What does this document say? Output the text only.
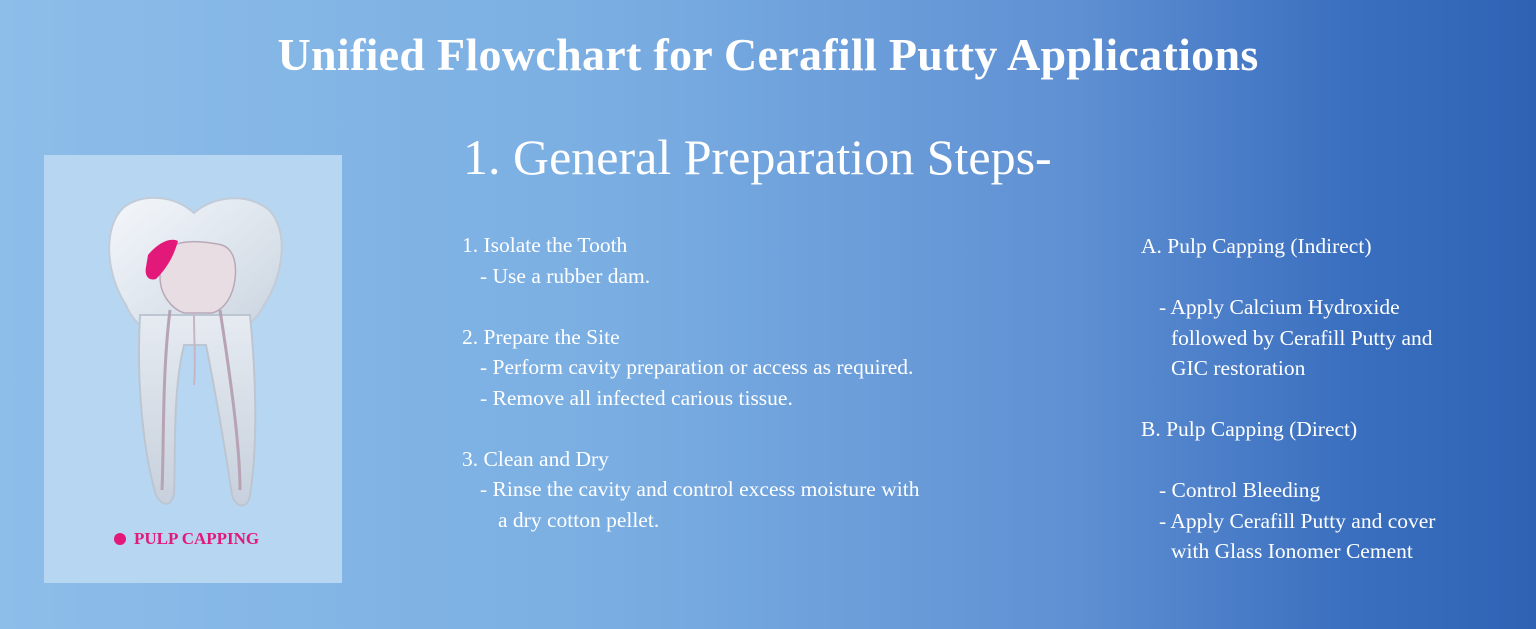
Unified Flowchart for Cerafill Putty Applications
1. General Preparation Steps-
PULP CAPPING
1. Isolate the Tooth
- Use a rubber dam.
2. Prepare the Site
- Perform cavity preparation or access as required.
- Remove all infected carious tissue.
3. Clean and Dry
- Rinse the cavity and control excess moisture with
a dry cotton pellet.
A. Pulp Capping (Indirect)
- Apply Calcium Hydroxide
followed by Cerafill Putty and
GIC restoration
B. Pulp Capping (Direct)
- Control Bleeding
- Apply Cerafill Putty and cover
with Glass Ionomer Cement
